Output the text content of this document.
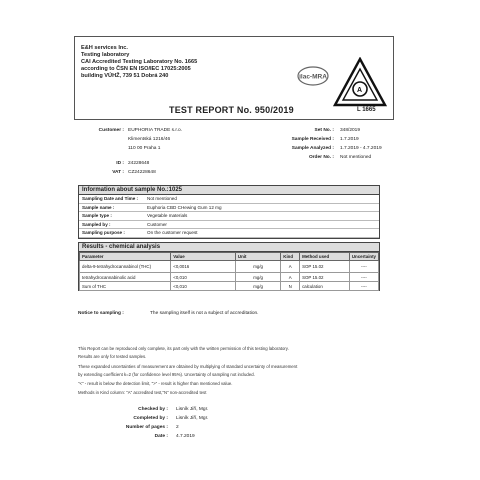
E&H services Inc.
Testing laboratory
CAI Accredited Testing Laboratory No. 1665
according to ČSN EN ISO/IEC 17025:2005
building VÚHŽ, 739 51 Dobrá 240	ilac-MRA
A
L 1665
TEST REPORT No. 950/2019
Customer : EUPHORIA TRADE s.r.o.
Klimentská 1216/46
110 00 Praha 1
ID : 24228648
VAT : CZ24228648
Set No. : 348/2019
Sample Received : 1.7.2019
Sample Analyzed : 1.7.2019 - 4.7.2019
Order No. : Not mentioned
Information about sample No.:1025
Sampling Date and Time : Not mentioned
Sample name :	Euphoria CBD CHewing Gum 12 mg
Sample type :	Vegetable materials
Sampled by :	Customer
Sampling purpose :	On the customer request
Results - chemical analysis
Parameter	Value	Unit	Kind	Method used	Uncertainty
delta-9-tetrahydrocannabinol (THC)	<0,0016	mg/g	A	SOP 15.02	----
tetrahydrocannabinolic acid	<0,010	mg/g	A	SOP 15.02	----
Sum of THC	<0,010	mg/g	N	calculation	----
Notice to sampling :	The sampling itself is not a subject of accreditation.
This Report can be reproduced only complete, its part only with the written permission of this testing laboratory.
Results are only for tested samples.
These expanded uncertainties of measurement are obtained by multiplying of standard uncertainty of measurement
by extending coefficient k=2 (for confidence level 95%). Uncertainty of sampling not included.
"<" - result is below the detection limit, ">" - result is higher than mentioned value.
Methods in Kind column: "A" accredited test,"N" non-accredited test
Checked by : Lisník Jiří, Mgr.
Completed by : Lisník Jiří, Mgr.
Number of pages : 2
Date : 4.7.2019
